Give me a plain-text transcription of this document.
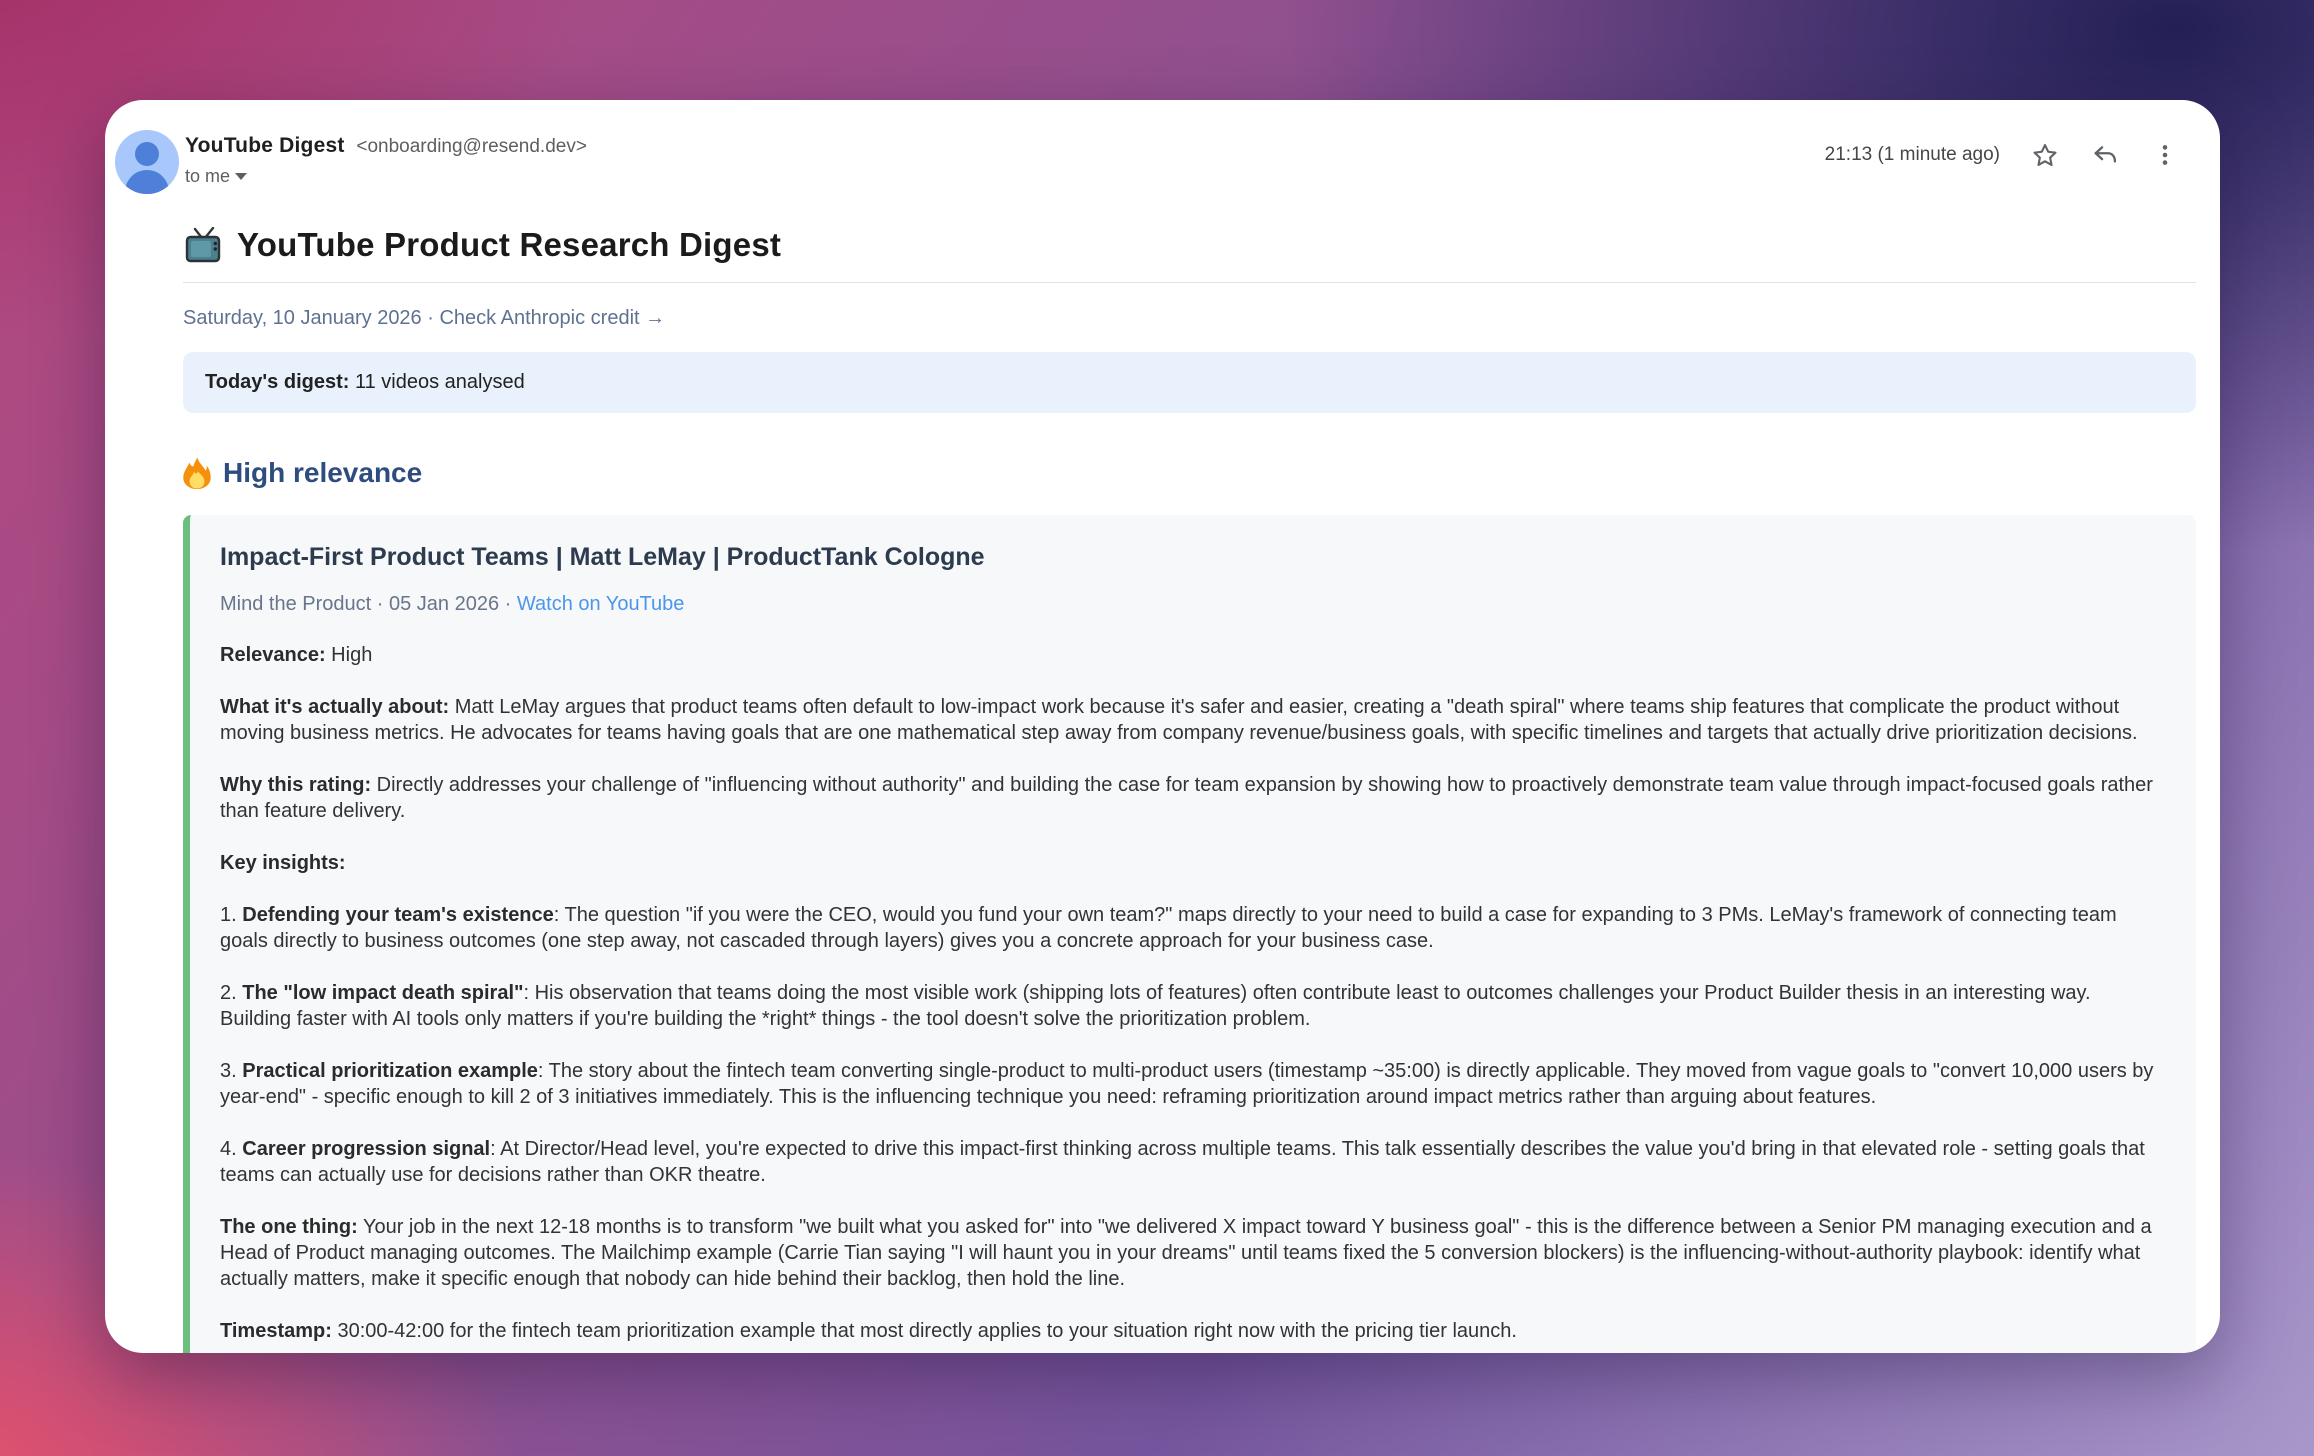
YouTube Digest <onboarding@resend.dev>
to me
21:13 (1 minute ago)
YouTube Product Research Digest
Saturday, 10 January 2026 · Check Anthropic credit →
Today's digest: 11 videos analysed
High relevance
Impact-First Product Teams | Matt LeMay | ProductTank Cologne
Mind the Product · 05 Jan 2026 · Watch on YouTube

Relevance: High

What it's actually about: Matt LeMay argues that product teams often default to low-impact work because it's safer and easier, creating a "death spiral" where teams ship features that complicate the product without moving business metrics. He advocates for teams having goals that are one mathematical step away from company revenue/business goals, with specific timelines and targets that actually drive prioritization decisions.

Why this rating: Directly addresses your challenge of "influencing without authority" and building the case for team expansion by showing how to proactively demonstrate team value through impact-focused goals rather than feature delivery.

Key insights:

1. Defending your team's existence: The question "if you were the CEO, would you fund your own team?" maps directly to your need to build a case for expanding to 3 PMs. LeMay's framework of connecting team goals directly to business outcomes (one step away, not cascaded through layers) gives you a concrete approach for your business case.

2. The "low impact death spiral": His observation that teams doing the most visible work (shipping lots of features) often contribute least to outcomes challenges your Product Builder thesis in an interesting way. Building faster with AI tools only matters if you're building the *right* things - the tool doesn't solve the prioritization problem.

3. Practical prioritization example: The story about the fintech team converting single-product to multi-product users (timestamp ~35:00) is directly applicable. They moved from vague goals to "convert 10,000 users by year-end" - specific enough to kill 2 of 3 initiatives immediately. This is the influencing technique you need: reframing prioritization around impact metrics rather than arguing about features.

4. Career progression signal: At Director/Head level, you're expected to drive this impact-first thinking across multiple teams. This talk essentially describes the value you'd bring in that elevated role - setting goals that teams can actually use for decisions rather than OKR theatre.

The one thing: Your job in the next 12-18 months is to transform "we built what you asked for" into "we delivered X impact toward Y business goal" - this is the difference between a Senior PM managing execution and a Head of Product managing outcomes. The Mailchimp example (Carrie Tian saying "I will haunt you in your dreams" until teams fixed the 5 conversion blockers) is the influencing-without-authority playbook: identify what actually matters, make it specific enough that nobody can hide behind their backlog, then hold the line.

Timestamp: 30:00-42:00 for the fintech team prioritization example that most directly applies to your situation right now with the pricing tier launch.
